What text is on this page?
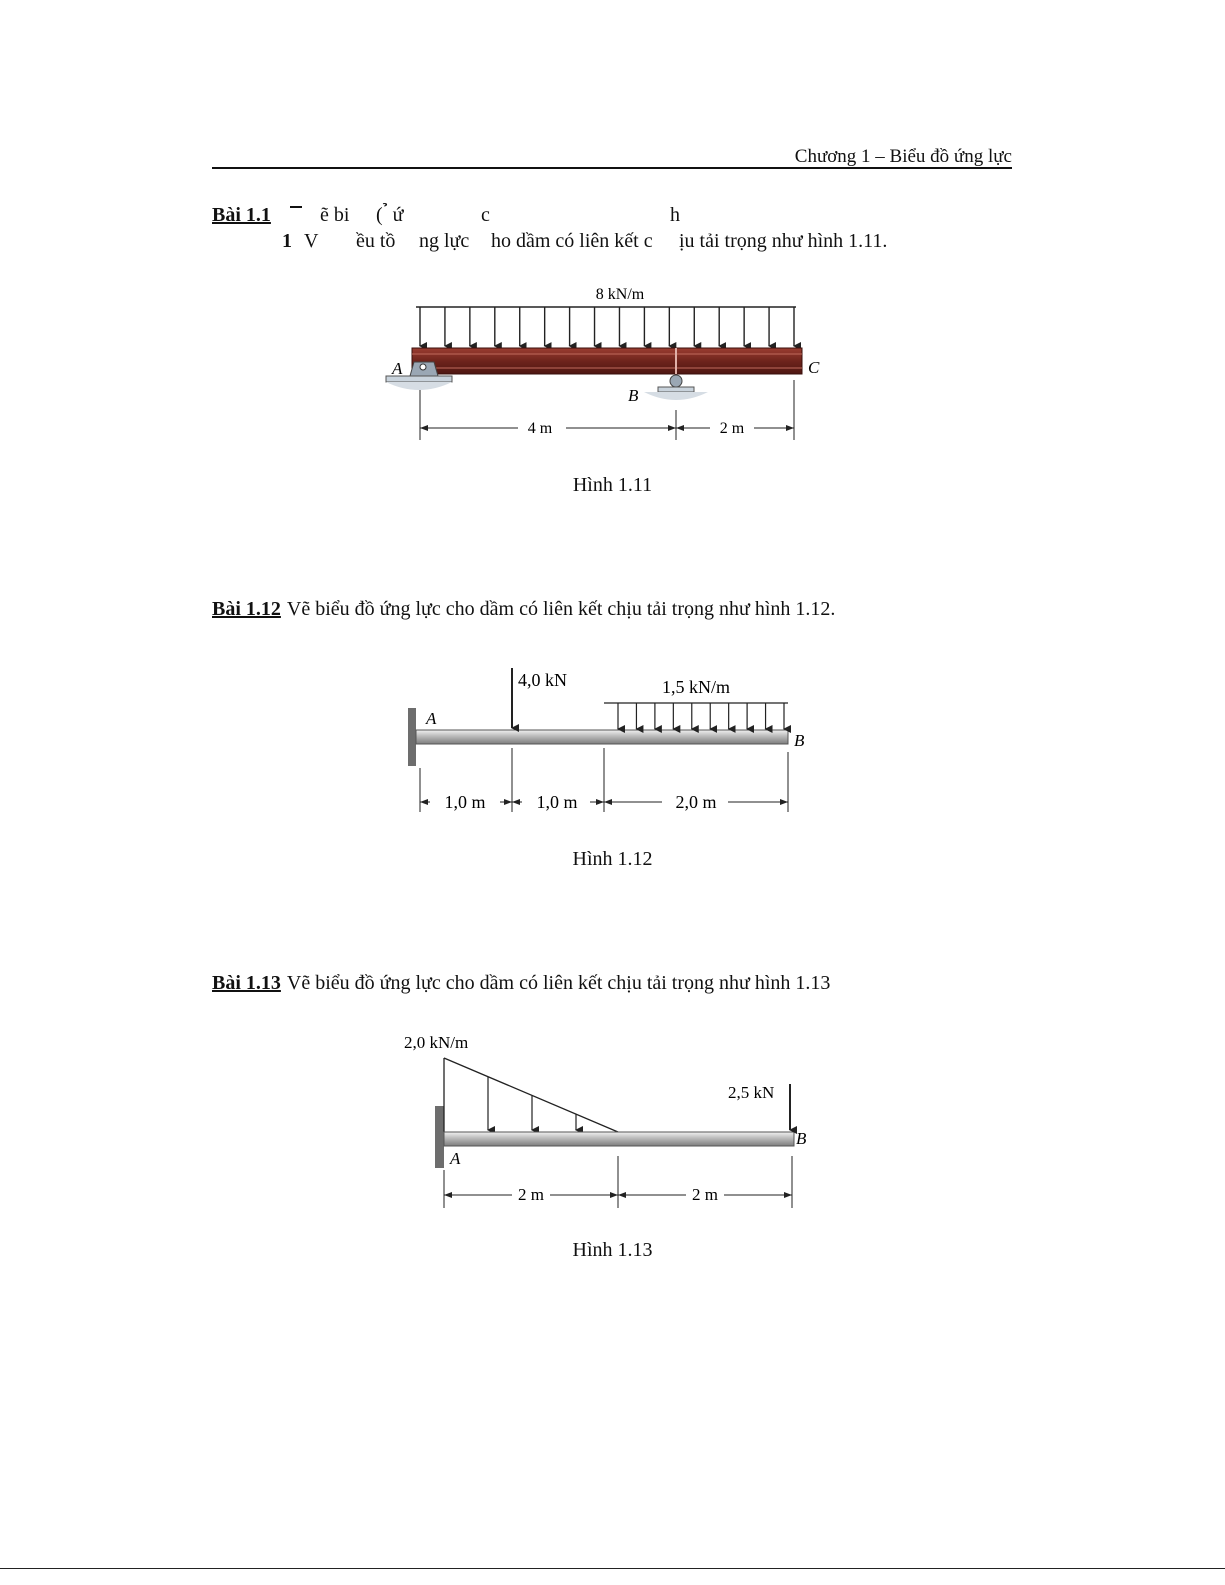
Chương 1 – Biểu đồ ứng lực
Bài 1.1 ẽ bi ( ̉ ứ	c	h
1 V ều tồ ng lực ho dầm có liên kết c ịu tải trọng như hình 1.11.
8 kN/m
A
B
C
4 m	2 m
Hình 1.11
Bài 1.12 Vẽ biểu đồ ứng lực cho dầm có liên kết chịu tải trọng như hình 1.12.
A
B
4,0 kN	1,5 kN/m
1,0 m	1,0 m	2,0 m
Hình 1.12
Bài 1.13 Vẽ biểu đồ ứng lực cho dầm có liên kết chịu tải trọng như hình 1.13
2,0 kN/m
A
B
2,5 kN
2 m	2 m
Hình 1.13
